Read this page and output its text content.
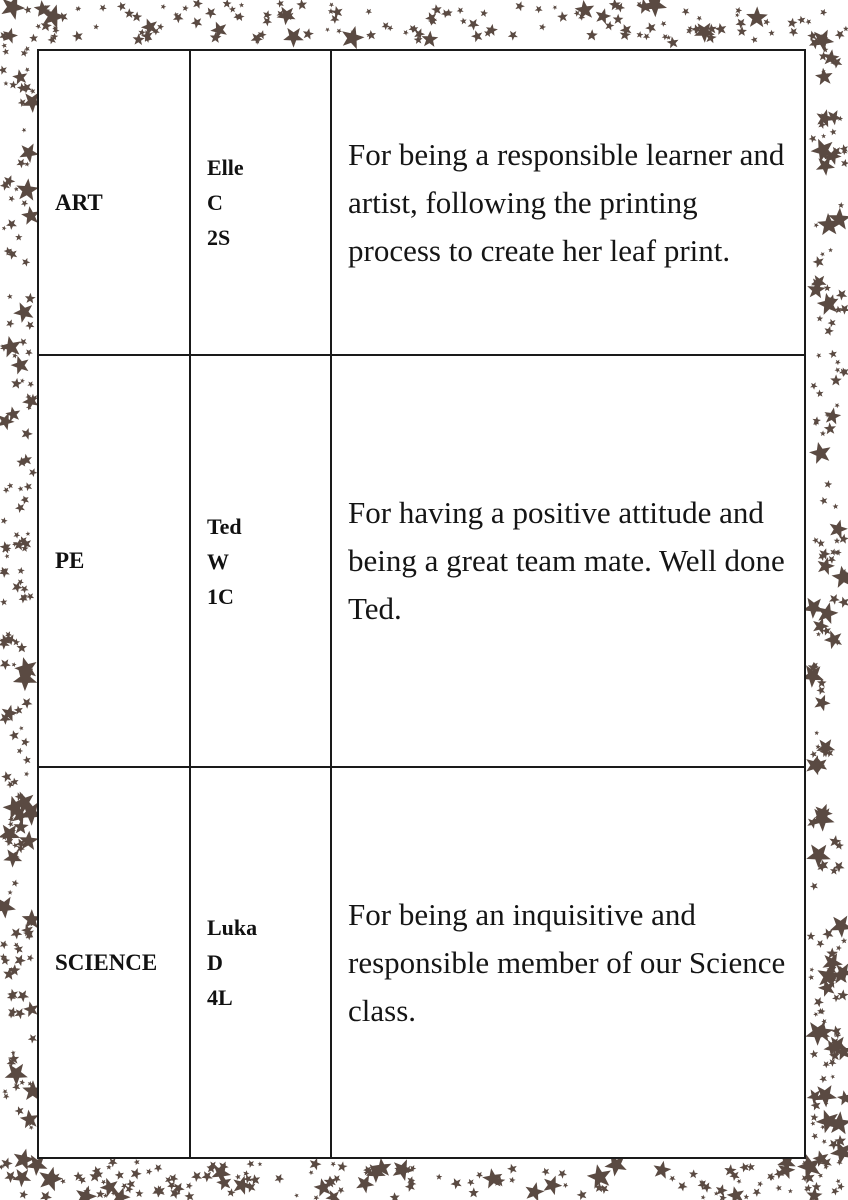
ART	Elle
C
2S	For being a responsible learner and artist, following the printing process to create her leaf print.
PE	Ted
W
1C	For having a positive attitude and being a great team mate. Well done Ted.
SCIENCE	Luka
D
4L	For being an inquisitive and responsible member of our Science class.
